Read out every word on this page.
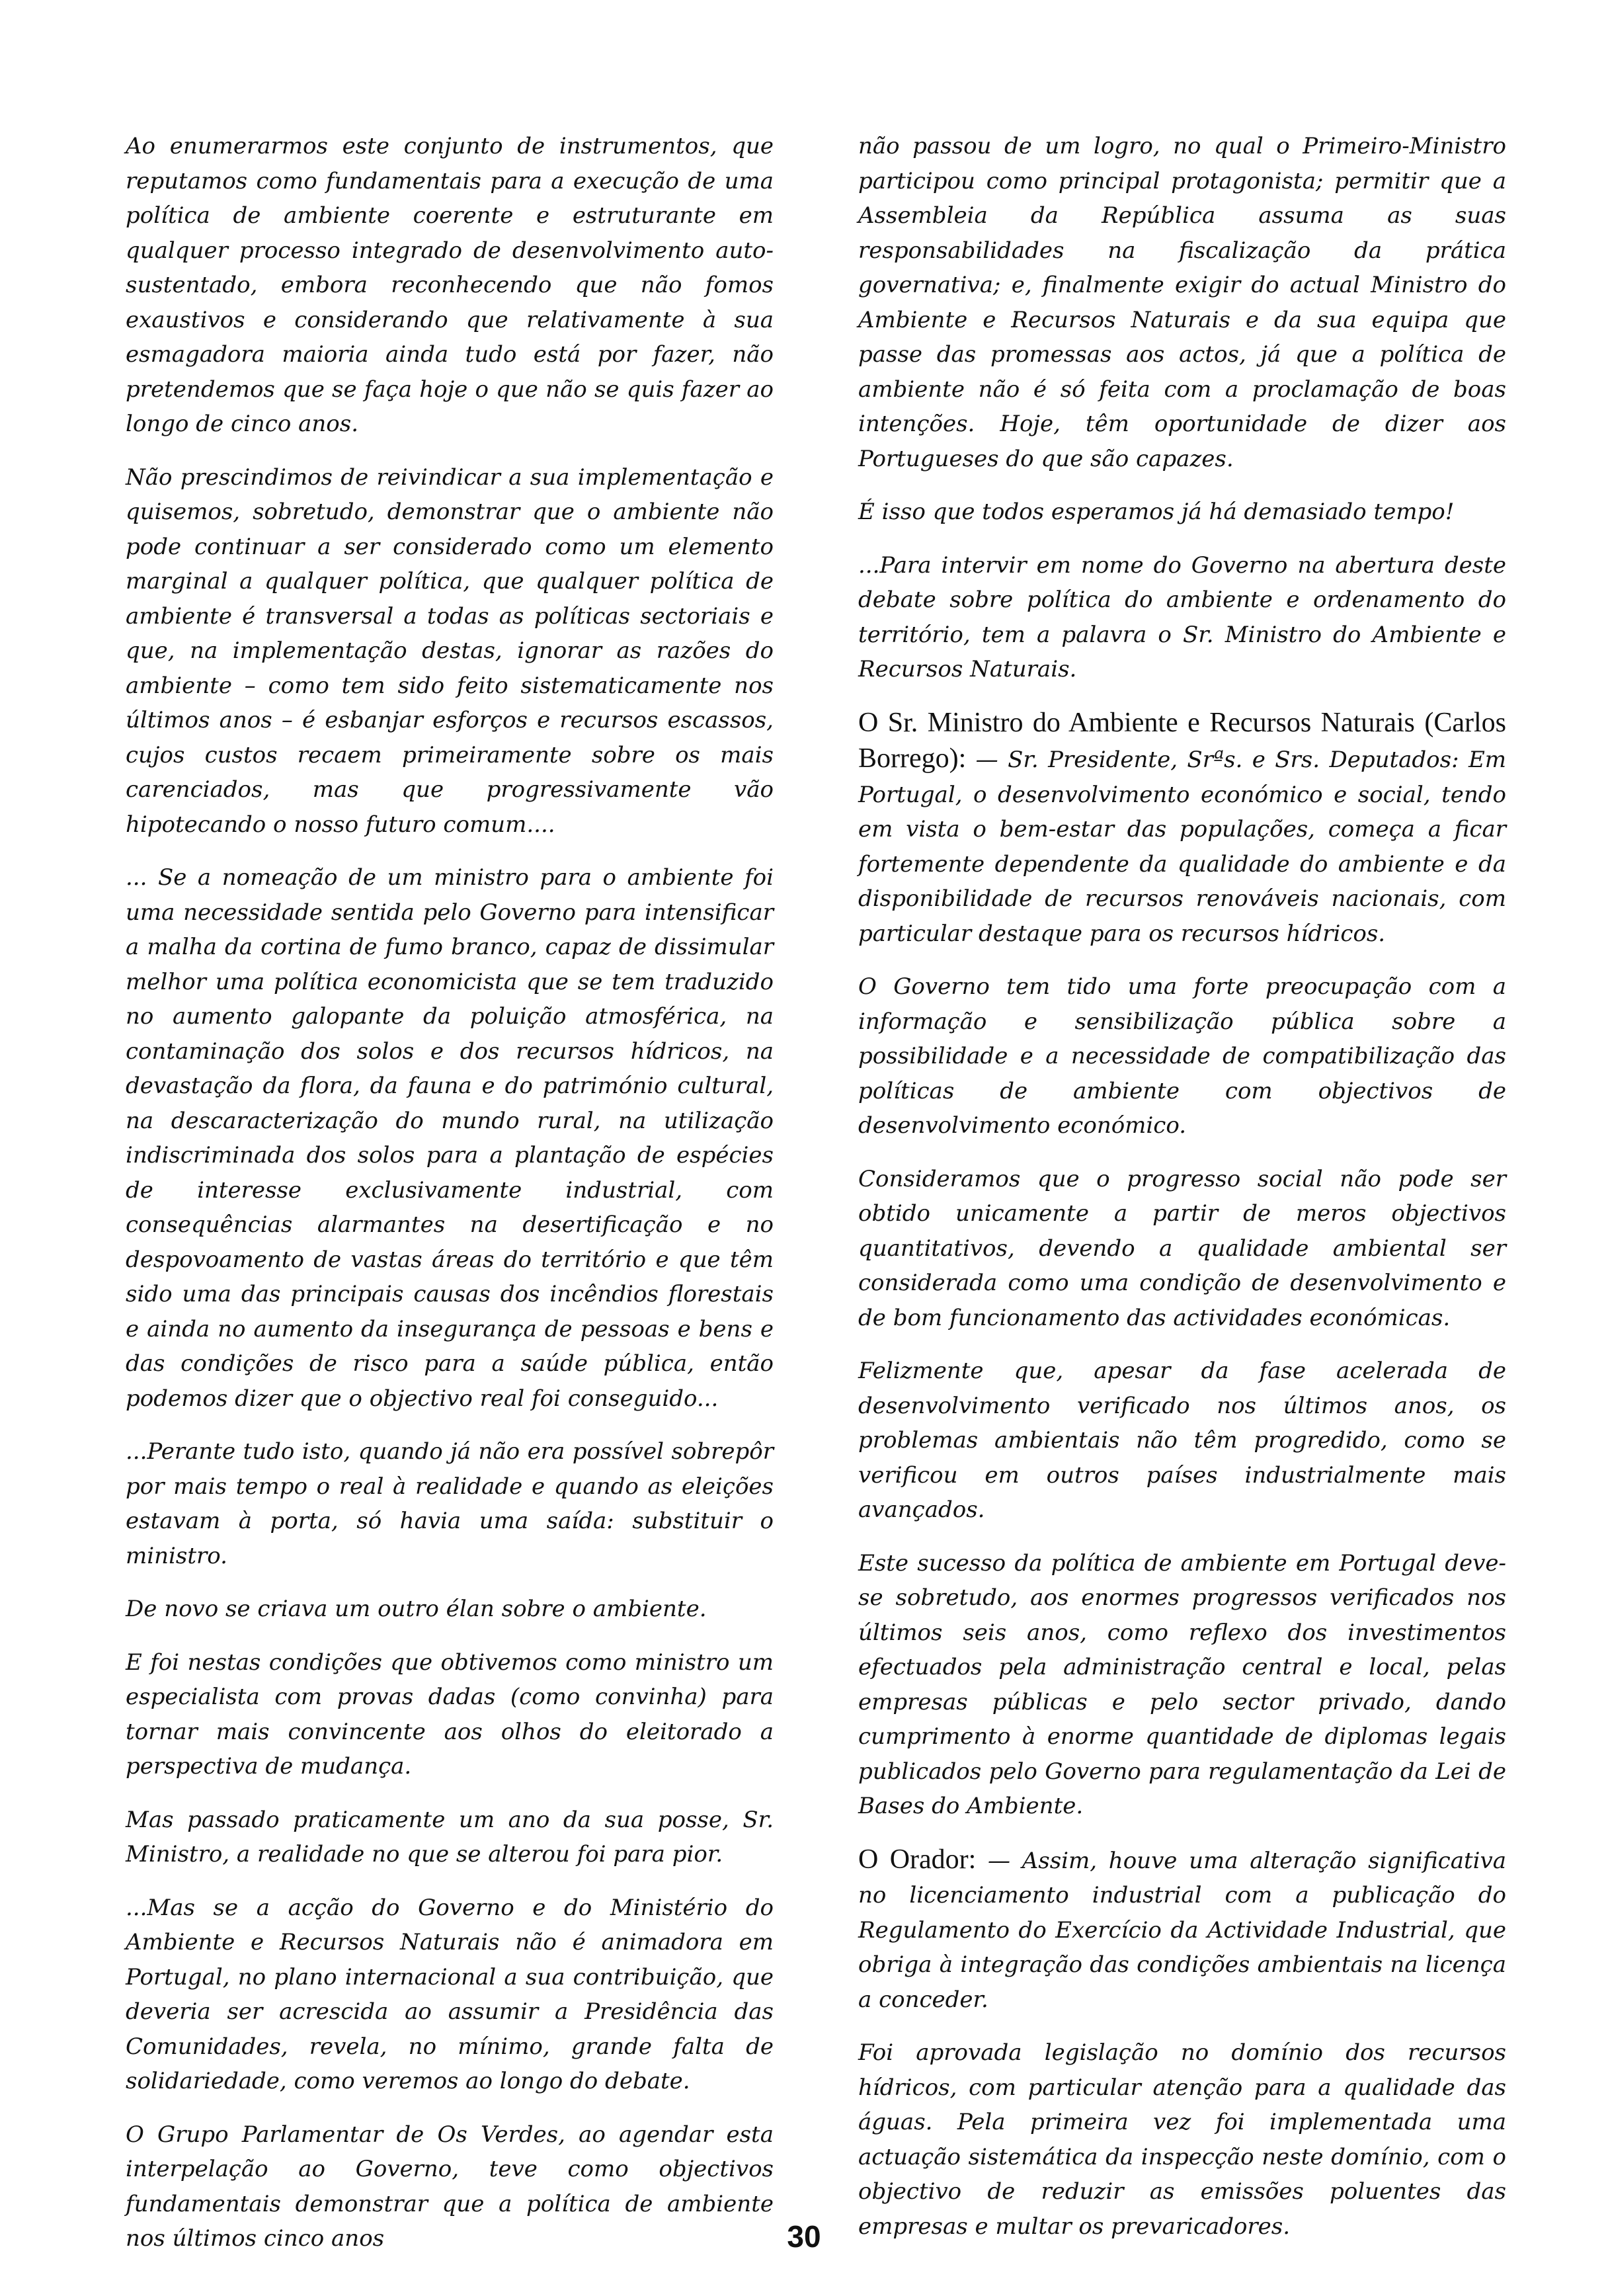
Ao enumerarmos este conjunto de instrumentos, que reputamos como fundamentais para a execução de uma política de ambiente coerente e estruturante em qualquer processo integrado de desenvolvimento auto-sustentado, embora reconhecendo que não fomos exaustivos e considerando que relativamente à sua esmagadora maioria ainda tudo está por fazer, não pretendemos que se faça hoje o que não se quis fazer ao longo de cinco anos.

Não prescindimos de reivindicar a sua implementação e quisemos, sobretudo, demonstrar que o ambiente não pode continuar a ser considerado como um elemento marginal a qualquer política, que qualquer política de ambiente é transversal a todas as políticas sectoriais e que, na implementação destas, ignorar as razões do ambiente – como tem sido feito sistematicamente nos últimos anos – é esbanjar esforços e recursos escassos, cujos custos recaem primeiramente sobre os mais carenciados, mas que progressivamente vão hipotecando o nosso futuro comum....

... Se a nomeação de um ministro para o ambiente foi uma necessidade sentida pelo Governo para intensificar a malha da cortina de fumo branco, capaz de dissimular melhor uma política economicista que se tem traduzido no aumento galopante da poluição atmosférica, na contaminação dos solos e dos recursos hídricos, na devastação da flora, da fauna e do património cultural, na descaracterização do mundo rural, na utilização indiscriminada dos solos para a plantação de espécies de interesse exclusivamente industrial, com consequências alarmantes na desertificação e no despovoamento de vastas áreas do território e que têm sido uma das principais causas dos incêndios florestais e ainda no aumento da insegurança de pessoas e bens e das condições de risco para a saúde pública, então podemos dizer que o objectivo real foi conseguido...

...Perante tudo isto, quando já não era possível sobrepôr por mais tempo o real à realidade e quando as eleições estavam à porta, só havia uma saída: substituir o ministro.

De novo se criava um outro élan sobre o ambiente.

E foi nestas condições que obtivemos como ministro um especialista com provas dadas (como convinha) para tornar mais convincente aos olhos do eleitorado a perspectiva de mudança.

Mas passado praticamente um ano da sua posse, Sr. Ministro, a realidade no que se alterou foi para pior.

...Mas se a acção do Governo e do Ministério do Ambiente e Recursos Naturais não é animadora em Portugal, no plano internacional a sua contribuição, que deveria ser acrescida ao assumir a Presidência das Comunidades, revela, no mínimo, grande falta de solidariedade, como veremos ao longo do debate.

O Grupo Parlamentar de Os Verdes, ao agendar esta interpelação ao Governo, teve como objectivos fundamentais demonstrar que a política de ambiente nos últimos cinco anos

não passou de um logro, no qual o Primeiro-Ministro participou como principal protagonista; permitir que a Assembleia da República assuma as suas responsabilidades na fiscalização da prática governativa; e, finalmente exigir do actual Ministro do Ambiente e Recursos Naturais e da sua equipa que passe das promessas aos actos, já que a política de ambiente não é só feita com a proclamação de boas intenções. Hoje, têm oportunidade de dizer aos Portugueses do que são capazes.

É isso que todos esperamos já há demasiado tempo!

...Para intervir em nome do Governo na abertura deste debate sobre política do ambiente e ordenamento do território, tem a palavra o Sr. Ministro do Ambiente e Recursos Naturais.

O Sr. Ministro do Ambiente e Recursos Naturais (Carlos Borrego): — Sr. Presidente, Srªs. e Srs. Deputados: Em Portugal, o desenvolvimento económico e social, tendo em vista o bem-estar das populações, começa a ficar fortemente dependente da qualidade do ambiente e da disponibilidade de recursos renováveis nacionais, com particular destaque para os recursos hídricos.

O Governo tem tido uma forte preocupação com a informação e sensibilização pública sobre a possibilidade e a necessidade de compatibilização das políticas de ambiente com objectivos de desenvolvimento económico.

Consideramos que o progresso social não pode ser obtido unicamente a partir de meros objectivos quantitativos, devendo a qualidade ambiental ser considerada como uma condição de desenvolvimento e de bom funcionamento das actividades económicas.

Felizmente que, apesar da fase acelerada de desenvolvimento verificado nos últimos anos, os problemas ambientais não têm progredido, como se verificou em outros países industrialmente mais avançados.

Este sucesso da política de ambiente em Portugal deve-se sobretudo, aos enormes progressos verificados nos últimos seis anos, como reflexo dos investimentos efectuados pela administração central e local, pelas empresas públicas e pelo sector privado, dando cumprimento à enorme quantidade de diplomas legais publicados pelo Governo para regulamentação da Lei de Bases do Ambiente.

O Orador: — Assim, houve uma alteração significativa no licenciamento industrial com a publicação do Regulamento do Exercício da Actividade Industrial, que obriga à integração das condições ambientais na licença a conceder.

Foi aprovada legislação no domínio dos recursos hídricos, com particular atenção para a qualidade das águas. Pela primeira vez foi implementada uma actuação sistemática da inspecção neste domínio, com o objectivo de reduzir as emissões poluentes das empresas e multar os prevaricadores.

30
